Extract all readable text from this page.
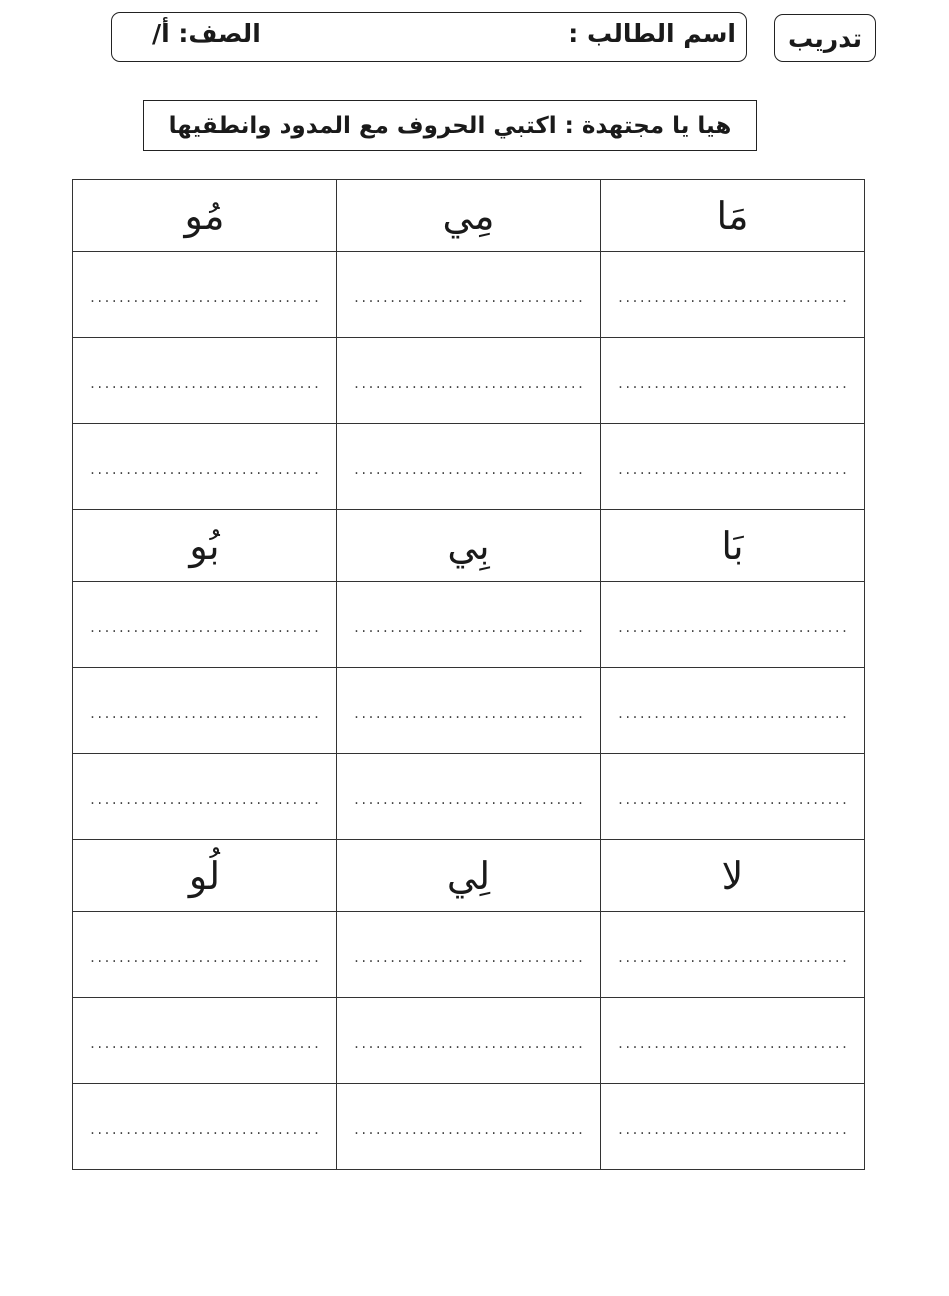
تدريب
اسم الطالب :
الصف: أ/
هيا يا مجتهدة : اكتبي الحروف مع المدود وانطقيها
مَا	مِي	مُو
................................	................................	................................
................................	................................	................................
................................	................................	................................
بَا	بِي	بُو
................................	................................	................................
................................	................................	................................
................................	................................	................................
لا	لِي	لُو
................................	................................	................................
................................	................................	................................
................................	................................	................................
